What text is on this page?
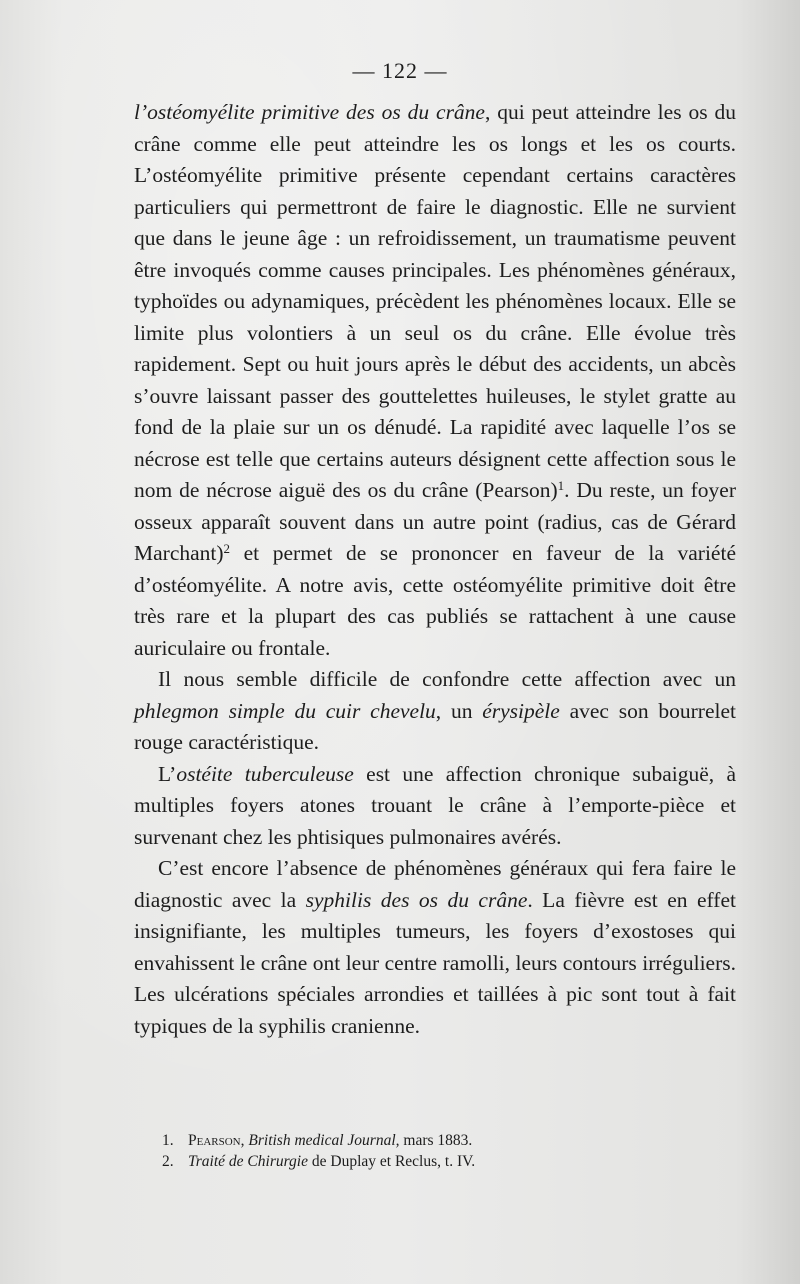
— 122 —

l’ostéomyélite primitive des os du crâne, qui peut atteindre les os du crâne comme elle peut atteindre les os longs et les os courts. L’ostéomyélite primitive présente cependant certains caractères particuliers qui permettront de faire le diagnostic. Elle ne survient que dans le jeune âge : un refroidissement, un traumatisme peuvent être invoqués comme causes principales. Les phénomènes généraux, typhoïdes ou adynamiques, précèdent les phénomènes locaux. Elle se limite plus volontiers à un seul os du crâne. Elle évolue très rapidement. Sept ou huit jours après le début des accidents, un abcès s’ouvre laissant passer des gouttelettes huileuses, le stylet gratte au fond de la plaie sur un os dénudé. La rapidité avec laquelle l’os se nécrose est telle que certains auteurs désignent cette affection sous le nom de nécrose aiguë des os du crâne (Pearson)$^1$. Du reste, un foyer osseux apparaît souvent dans un autre point (radius, cas de Gérard Marchant)$^2$ et permet de se prononcer en faveur de la variété d’ostéomyélite. A notre avis, cette ostéomyélite primitive doit être très rare et la plupart des cas publiés se rattachent à une cause auriculaire ou frontale.

Il nous semble difficile de confondre cette affection avec un phlegmon simple du cuir chevelu, un érysipèle avec son bourrelet rouge caractéristique.

L’ostéite tuberculeuse est une affection chronique subaiguë, à multiples foyers atones trouant le crâne à l’emporte-pièce et survenant chez les phtisiques pulmonaires avérés.

C’est encore l’absence de phénomènes généraux qui fera faire le diagnostic avec la syphilis des os du crâne. La fièvre est en effet insignifiante, les multiples tumeurs, les foyers d’exostoses qui envahissent le crâne ont leur centre ramolli, leurs contours irréguliers. Les ulcérations spéciales arrondies et taillées à pic sont tout à fait typiques de la syphilis cranienne.

1. Pearson, British medical Journal, mars 1883.

2. Traité de Chirurgie de Duplay et Reclus, t. IV.
